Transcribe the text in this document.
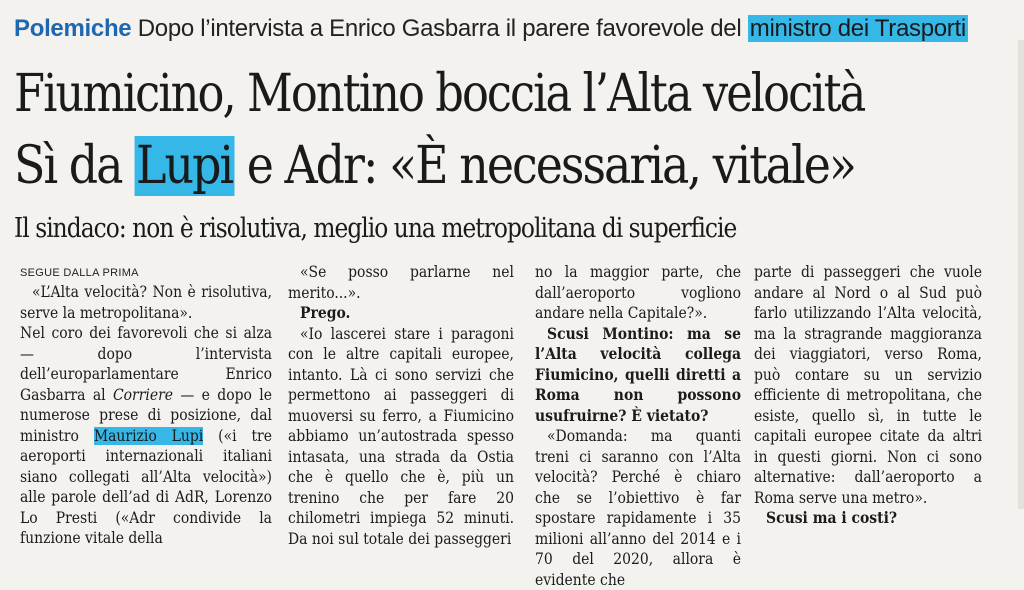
Polemiche Dopo l’intervista a Enrico Gasbarra il parere favorevole del ministro dei Trasporti
Fiumicino, Montino boccia l’Alta velocità
Sì da Lupi e Adr: «È necessaria, vitale»
Il sindaco: non è risolutiva, meglio una metropolitana di superficie
SEGUE DALLA PRIMA

«L’Alta velocità? Non è risolutiva, serve la metropolitana».

Nel coro dei favorevoli che si alza — dopo l’intervista dell’europarlamentare Enrico Gasbarra al Corriere — e dopo le numerose prese di posizione, dal ministro Maurizio Lupi («i tre aeroporti internazionali italiani siano collegati all’Alta velocità») alle parole dell’ad di AdR, Lorenzo Lo Presti («Adr condivide la funzione vitale della

«Se posso parlarne nel merito...».

Prego.

«Io lascerei stare i paragoni con le altre capitali europee, intanto. Là ci sono servizi che permettono ai passeggeri di muoversi su ferro, a Fiumicino abbiamo un’autostrada spesso intasata, una strada da Ostia che è quello che è, più un trenino che per fare 20 chilometri impiega 52 minuti. Da noi sul totale dei passeggeri

no la maggior parte, che dall’aeroporto vogliono andare nella Capitale?».

Scusi Montino: ma se l’Alta velocità collega Fiumicino, quelli diretti a Roma non possono usufruirne? È vietato?

«Domanda: ma quanti treni ci saranno con l’Alta velocità? Perché è chiaro che se l’obiettivo è far spostare rapidamente i 35 milioni all’anno del 2014 e i 70 del 2020, allora è evidente che

parte di passeggeri che vuole andare al Nord o al Sud può farlo utilizzando l’Alta velocità, ma la stragrande maggioranza dei viaggiatori, verso Roma, può contare su un servizio efficiente di metropolitana, che esiste, quello sì, in tutte le capitali europee citate da altri in questi giorni. Non ci sono alternative: dall’aeroporto a Roma serve una metro».

Scusi ma i costi?
